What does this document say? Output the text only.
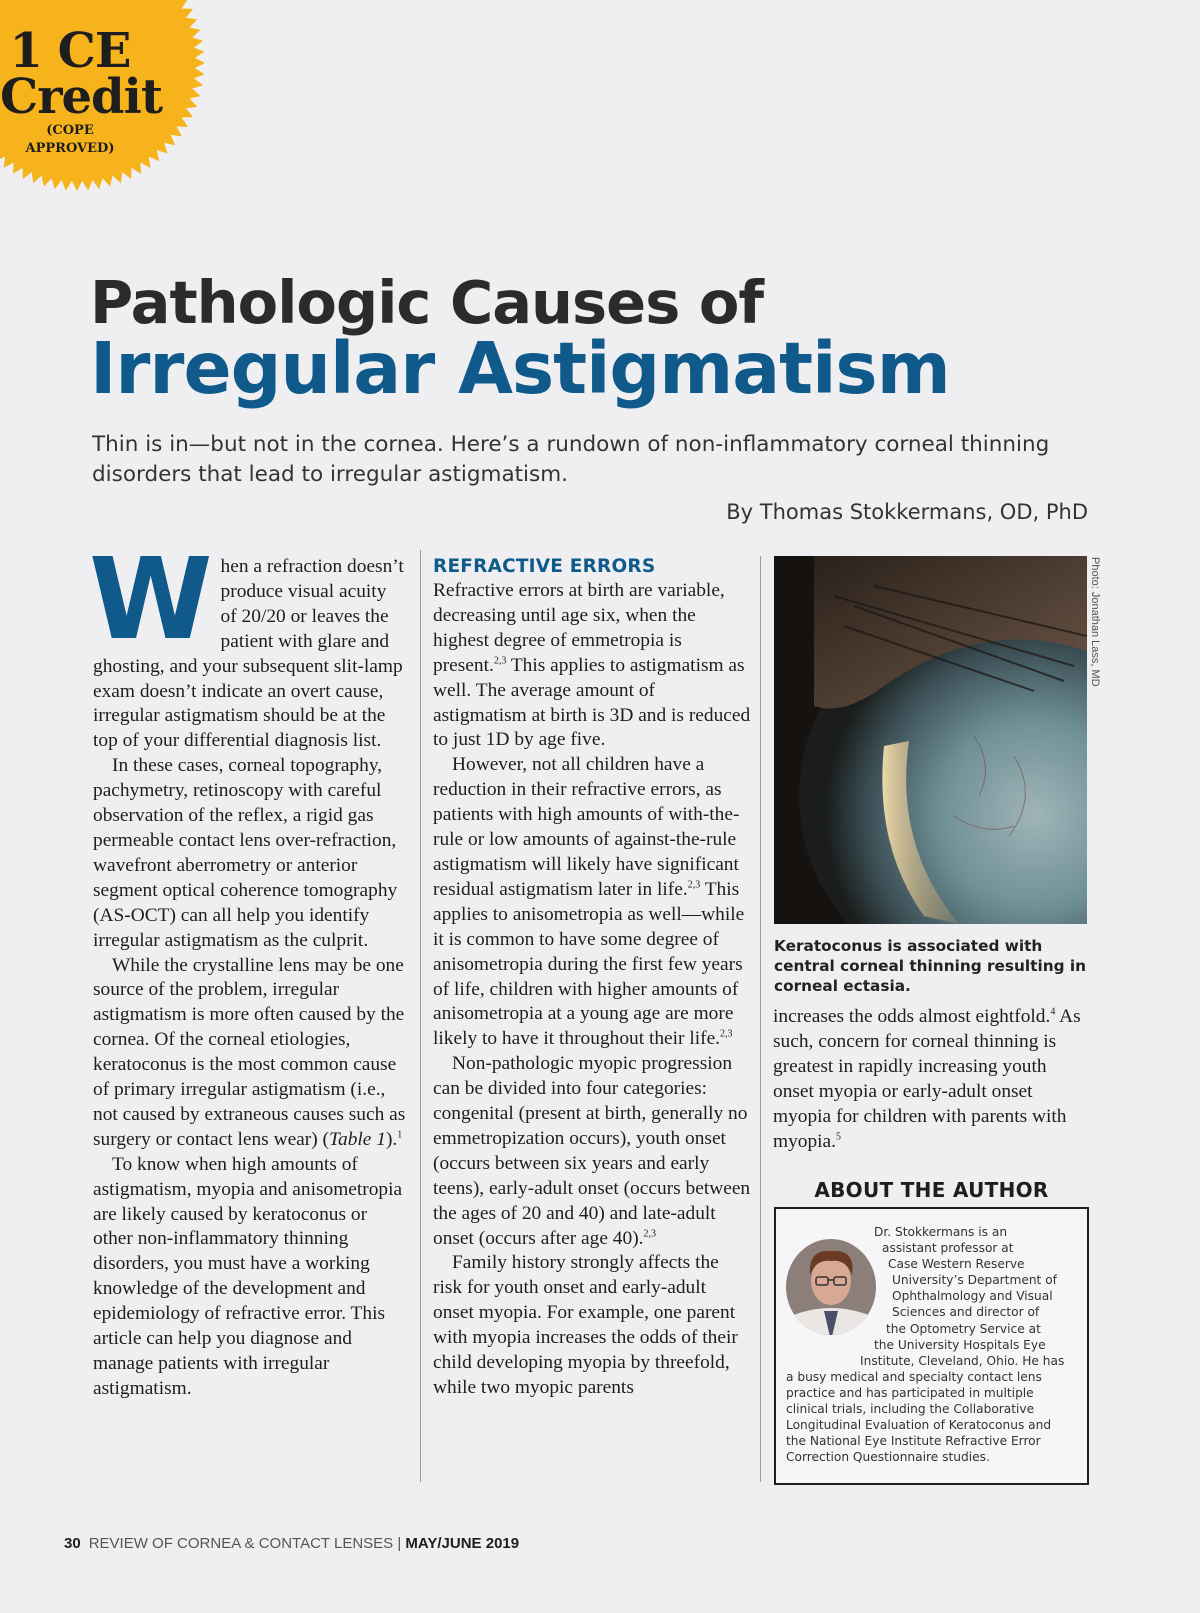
1 CE
Credit
(COPE APPROVED)
Pathologic Causes of
Irregular Astigmatism
Thin is in—but not in the cornea. Here’s a rundown of non-inflammatory corneal thinning disorders that lead to irregular astigmatism.
By Thomas Stokkermans, OD, PhD
W hen a refraction doesn’t produce visual acuity of 20/20 or leaves the patient with glare and ghosting, and your subsequent slit-lamp exam doesn’t indicate an overt cause, irregular astigmatism should be at the top of your differential diagnosis list.

In these cases, corneal topography, pachymetry, retinoscopy with careful observation of the reflex, a rigid gas permeable contact lens over-refraction, wavefront aberrometry or anterior segment optical coherence tomography (AS-OCT) can all help you identify irregular astigmatism as the culprit.

While the crystalline lens may be one source of the problem, irregular astigmatism is more often caused by the cornea. Of the corneal etiologies, keratoconus is the most common cause of primary irregular astigmatism (i.e., not caused by extraneous causes such as surgery or contact lens wear) (Table 1).$^1$

To know when high amounts of astigmatism, myopia and anisometropia are likely caused by keratoconus or other non-inflammatory thinning disorders, you must have a working knowledge of the development and epidemiology of refractive error. This article can help you diagnose and manage patients with irregular astigmatism.

REFRACTIVE ERRORS

Refractive errors at birth are variable, decreasing until age six, when the highest degree of emmetropia is present.$^{2,3}$ This applies to astigmatism as well. The average amount of astigmatism at birth is 3D and is reduced to just 1D by age five.

However, not all children have a reduction in their refractive errors, as patients with high amounts of with-the-rule or low amounts of against-the-rule astigmatism will likely have significant residual astigmatism later in life.$^{2,3}$ This applies to anisometropia as well—while it is common to have some degree of anisometropia during the first few years of life, children with higher amounts of anisometropia at a young age are more likely to have it throughout their life.$^{2,3}$

Non-pathologic myopic progression can be divided into four categories: congenital (present at birth, generally no emmetropization occurs), youth onset (occurs between six years and early teens), early-adult onset (occurs between the ages of 20 and 40) and late-adult onset (occurs after age 40).$^{2,3}$

Family history strongly affects the risk for youth onset and early-adult onset myopia. For example, one parent with myopia increases the odds of their child developing myopia by threefold, while two myopic parents

Photo: Jonathan Lass, MD
Keratoconus is associated with central corneal thinning resulting in corneal ectasia.

increases the odds almost eightfold.$^4$ As such, concern for corneal thinning is greatest in rapidly increasing youth onset myopia or early-adult onset myopia for children with parents with myopia.$^5$

ABOUT THE AUTHOR
Dr. Stokkermans is an
assistant professor at
Case Western Reserve
University’s Department of
Ophthalmology and Visual
Sciences and director of
the Optometry Service at
the University Hospitals Eye
Institute, Cleveland, Ohio. He has
a busy medical and specialty contact lens
practice and has participated in multiple
clinical trials, including the Collaborative
Longitudinal Evaluation of Keratoconus and
the National Eye Institute Refractive Error
Correction Questionnaire studies.
30 REVIEW OF CORNEA & CONTACT LENSES | MAY/JUNE 2019
